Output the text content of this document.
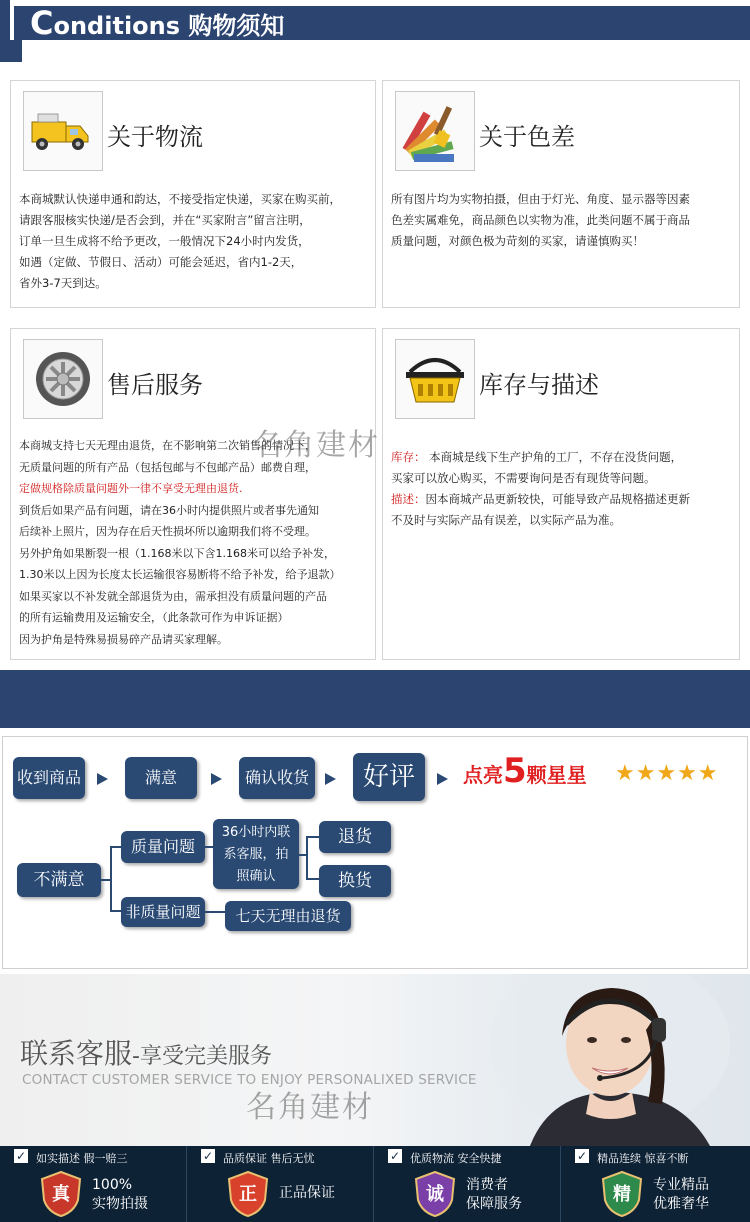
Conditions 购物须知
关于物流
本商城默认快递申通和韵达，不接受指定快递，买家在购买前，
请跟客服核实快递/是否会到，并在“买家附言”留言注明，
订单一旦生成将不给予更改，一般情况下24小时内发货，
如遇（定做、节假日、活动）可能会延迟，省内1-2天，
省外3-7天到达。
关于色差
所有图片均为实物拍摄，但由于灯光、角度、显示器等因素
色差实属难免，商品颜色以实物为准，此类问题不属于商品
质量问题，对颜色极为苛刻的买家，请谨慎购买！
售后服务
本商城支持七天无理由退货，在不影响第二次销售的情况下，
无质量问题的所有产品（包括包邮与不包邮产品）邮费自理，
定做规格除质量问题外一律不享受无理由退货.
到货后如果产品有问题，请在36小时内提供照片或者事先通知
后续补上照片，因为存在后天性损坏所以逾期我们将不受理。
另外护角如果断裂一根（1.168米以下含1.168米可以给予补发，
1.30米以上因为长度太长运输很容易断将不给予补发，给予退款）
如果买家以不补发就全部退货为由，需承担没有质量问题的产品
的所有运输费用及运输安全，（此条款可作为申诉证据）
因为护角是特殊易损易碎产品请买家理解。
库存与描述
库存： 本商城是线下生产护角的工厂，不存在没货问题，
买家可以放心购买，不需要询问是否有现货等问题。
描述：因本商城产品更新较快，可能导致产品规格描述更新
不及时与实际产品有误差，以实际产品为准。
名角建材
收到商品	满意	确认收货	好评	点亮5颗星星 ★★★★★
不满意
质量问题
非质量问题
36小时内联
系客服，拍
照确认
退货
换货
七天无理由退货
联系客服-享受完美服务
CONTACT CUSTOMER SERVICE TO ENJOY PERSONALIXED SERVICE
名角建材
✓ 如实描述 假一赔三
真	100%
实物拍摄
✓ 品质保证 售后无忧
正	正品保证
✓ 优质物流 安全快捷
诚	消费者
保障服务
✓ 精品连续 惊喜不断
精	专业精品
优雅奢华
